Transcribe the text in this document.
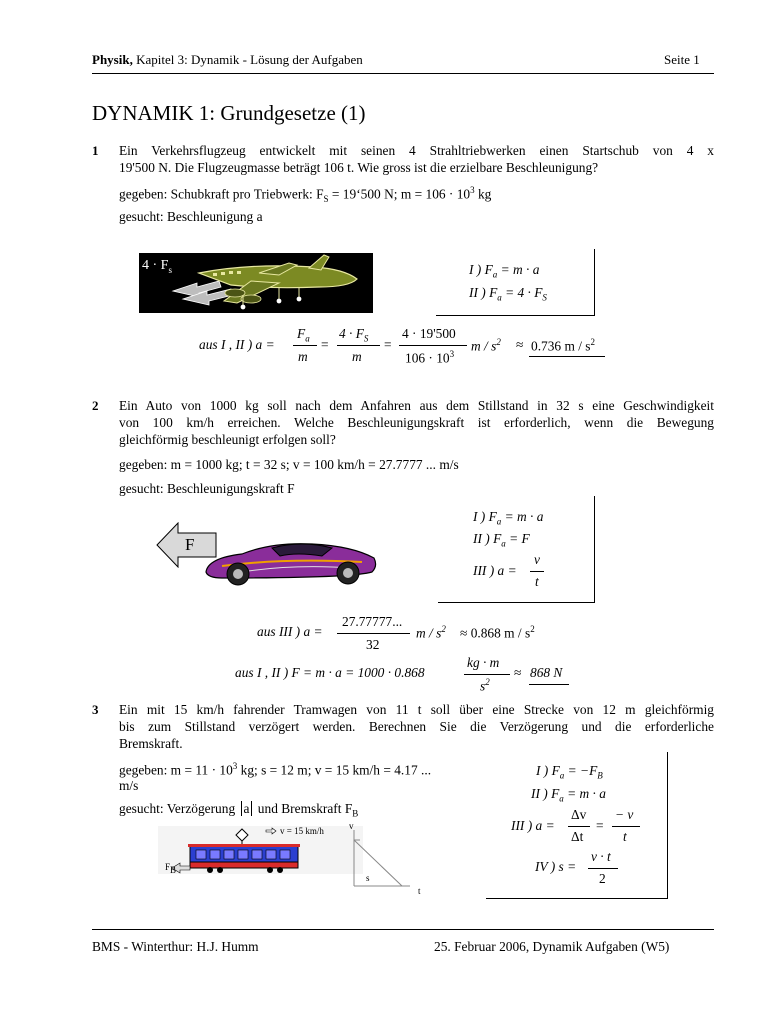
Physik, Kapitel 3: Dynamik - Lösung der Aufgaben	Seite 1
DYNAMIK 1: Grundgesetze (1)
1 Ein Verkehrsflugzeug entwickelt mit seinen 4 Strahltriebwerken einen Startschub von 4 x
19'500 N. Die Flugzeugmasse beträgt 106 t. Wie gross ist die erzielbare Beschleunigung?
gegeben: Schubkraft pro Triebwerk: $F_S$ = 19‘500 N; $m = 106 \cdot 10^3$ kg
gesucht: Beschleunigung a
$4 \cdot F_s$	I ) $F_a = m \cdot a$
II ) $F_a = 4 \cdot F_S$
aus I , II ) a =
$F_a$
m
=
$4 \cdot F_S$
m
=
4 · 19'500
$106 \cdot 10^3$
$m / s^2 \approx 0.736$ m / $s^2$
2 Ein Auto von 1000 kg soll nach dem Anfahren aus dem Stillstand in 32 s eine Geschwindigkeit
von 100 km/h erreichen. Welche Beschleunigungskraft ist erforderlich, wenn die Bewegung
gleichförmig beschleunigt erfolgen soll?
gegeben: m = 1000 kg; t = 32 s; v = 100 km/h = 27.7777 ... m/s
gesucht: Beschleunigungskraft F
F
I ) $F_a = m \cdot a$
II ) $F_a = F$
III ) a =
v
t
aus III ) a =
27.77777...
32
$m / s^2 \approx 0.868$ m / $s^2$
aus I , II ) F = m · a = 1000 · 0.868
kg · m
$s^2$
≈ 868 N
3 Ein mit 15 km/h fahrender Tramwagen von 11 t soll über eine Strecke von 12 m gleichförmig
bis zum Stillstand verzögert werden. Berechnen Sie die Verzögerung und die erforderliche
Bremskraft.
gegeben: $m = 11 \cdot 10^3$ kg; s = 12 m; v = 15 km/h = 4.17 ...
m/s
gesucht: Verzögerung a und Bremskraft $F_B$
v = 15 km/h
$F_B$
v
s
t
I ) $F_a = -F_B$
II ) $F_a = m \cdot a$
III ) a =
Δv
Δt
=
− v
t
IV ) s =
v · t
2
BMS - Winterthur: H.J. Humm	25. Februar 2006, Dynamik Aufgaben (W5)
